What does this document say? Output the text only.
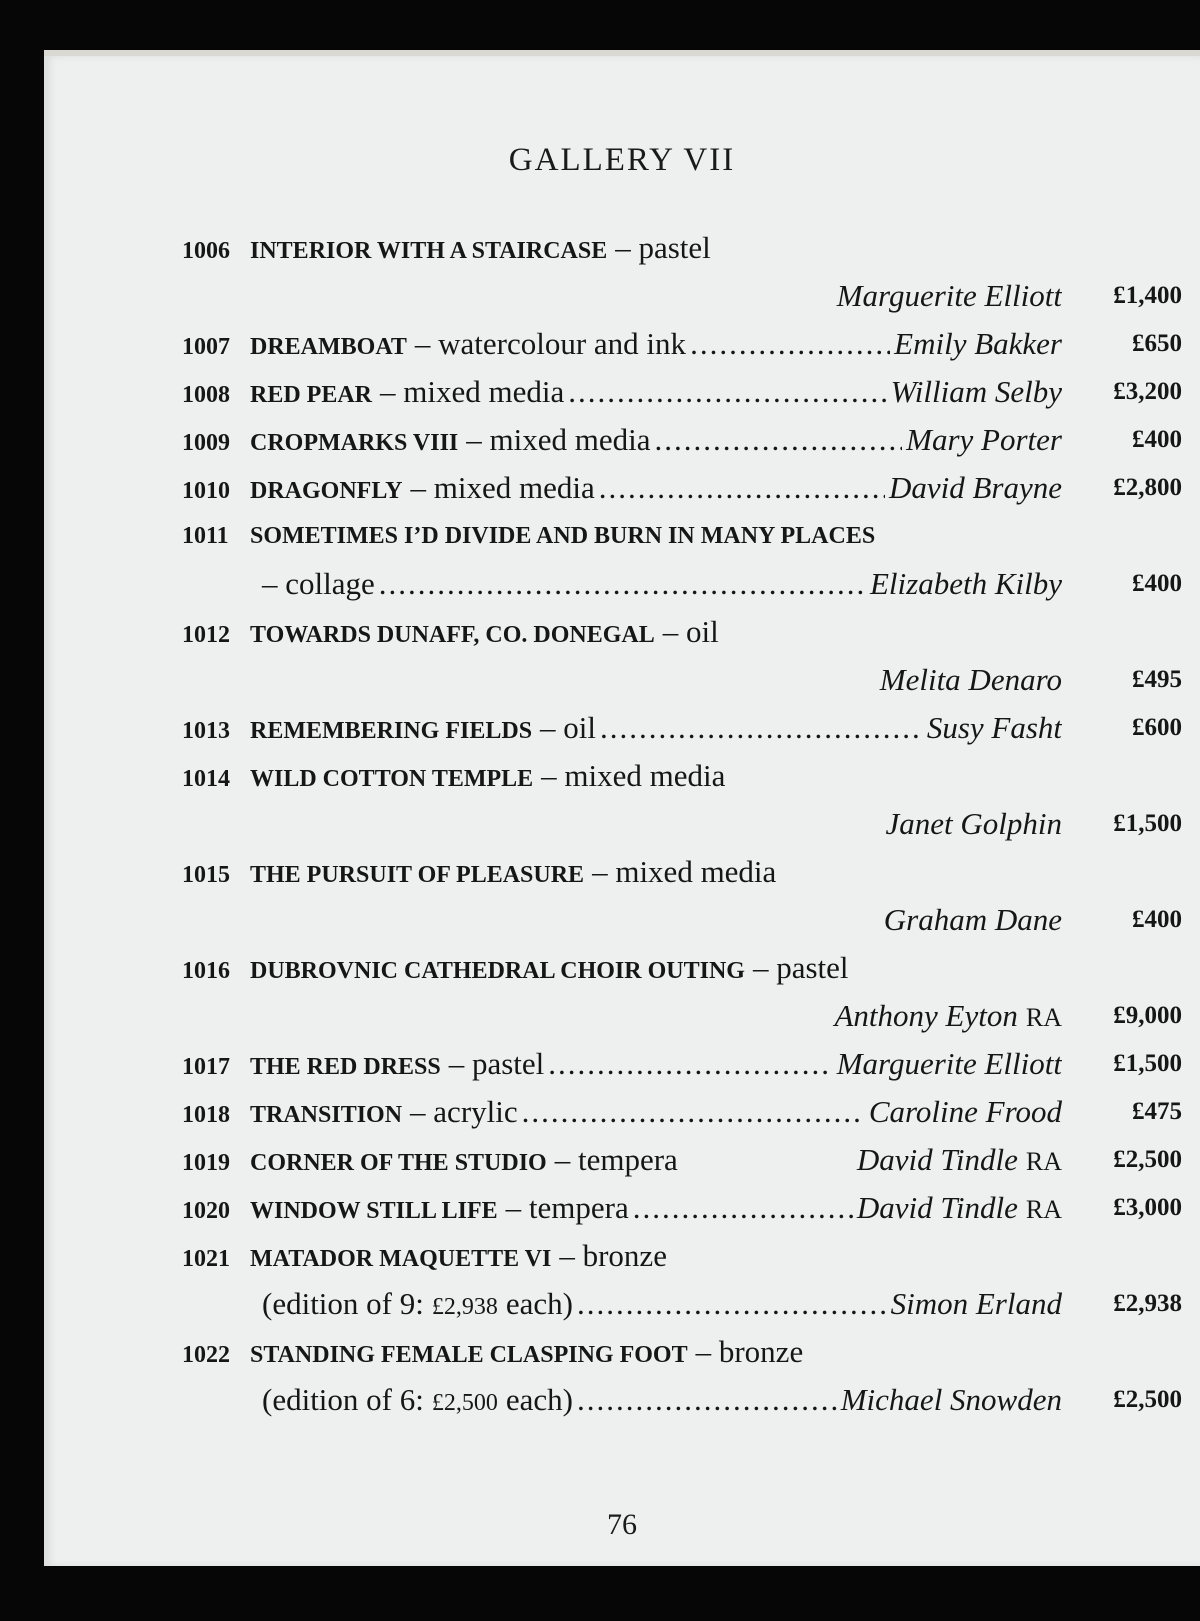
GALLERY VII
1006 INTERIOR WITH A STAIRCASE – pastel
Marguerite Elliott £1,400
1007 DREAMBOAT – watercolour and ink .....	Emily Bakker	£650
1008 RED PEAR – mixed media .....	William Selby £3,200
1009 CROPMARKS VIII – mixed media .....	Mary Porter	£400
1010 DRAGONFLY – mixed media .....	David Brayne £2,800
1011 SOMETIMES I’D DIVIDE AND BURN IN MANY PLACES
– collage .....	Elizabeth Kilby	£400
1012 TOWARDS DUNAFF, CO. DONEGAL – oil
Melita Denaro	£495
1013 REMEMBERING FIELDS – oil .....	Susy Fasht	£600
1014 WILD COTTON TEMPLE – mixed media
Janet Golphin £1,500
1015 THE PURSUIT OF PLEASURE – mixed media
Graham Dane	£400
1016 DUBROVNIC CATHEDRAL CHOIR OUTING – pastel
Anthony Eyton RA £9,000
1017 THE RED DRESS – pastel .....	Marguerite Elliott £1,500
1018 TRANSITION – acrylic .....	Caroline Frood	£475
1019 CORNER OF THE STUDIO – tempera	David Tindle RA £2,500
1020 WINDOW STILL LIFE – tempera .....	David Tindle RA £3,000
1021 MATADOR MAQUETTE VI – bronze
(edition of 9: £2,938 each) .....	Simon Erland £2,938
1022 STANDING FEMALE CLASPING FOOT – bronze
(edition of 6: £2,500 each) .....	Michael Snowden £2,500
76
